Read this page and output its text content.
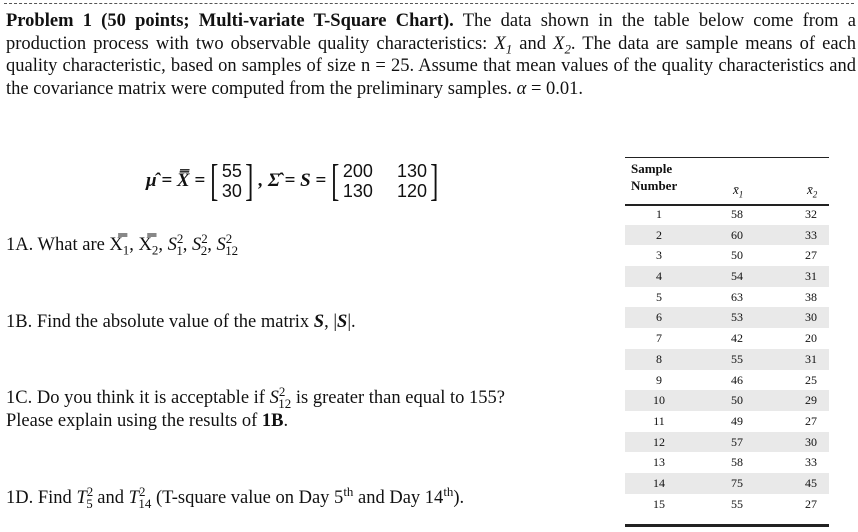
Problem 1 (50 points; Multi-variate T-Square Chart). The data shown in the table below come from a production process with two observable quality characteristics: $X_1$ and $X_2$. The data are sample means of each quality characteristic, based on samples of size n = 25. Assume that mean values of the quality characteristics and the covariance matrix were computed from the preliminary samples. α = 0.01.
μ̂ = X̿ = [ 55
30 ] , Σ̂ = S = [ 200 130
130 120 ]
1A. What are $X̿_1$, $X̿_2$, $S^2_1$, $S^2_2$, $S^2_{12}$
1B. Find the absolute value of the matrix S, |S|.
1C. Do you think it is acceptable if $S^2_{12}$ is greater than equal to 155?
Please explain using the results of 1B.
1D. Find $T^2_5$ and $T^2_{14}$ (T-square value on Day 5th and Day 14th).
Sample
Number	$x̄_1$	$x̄_2$
1	58	32
2	60	33
3	50	27
4	54	31
5	63	38
6	53	30
7	42	20
8	55	31
9	46	25
10	50	29
11	49	27
12	57	30
13	58	33
14	75	45
15	55	27
